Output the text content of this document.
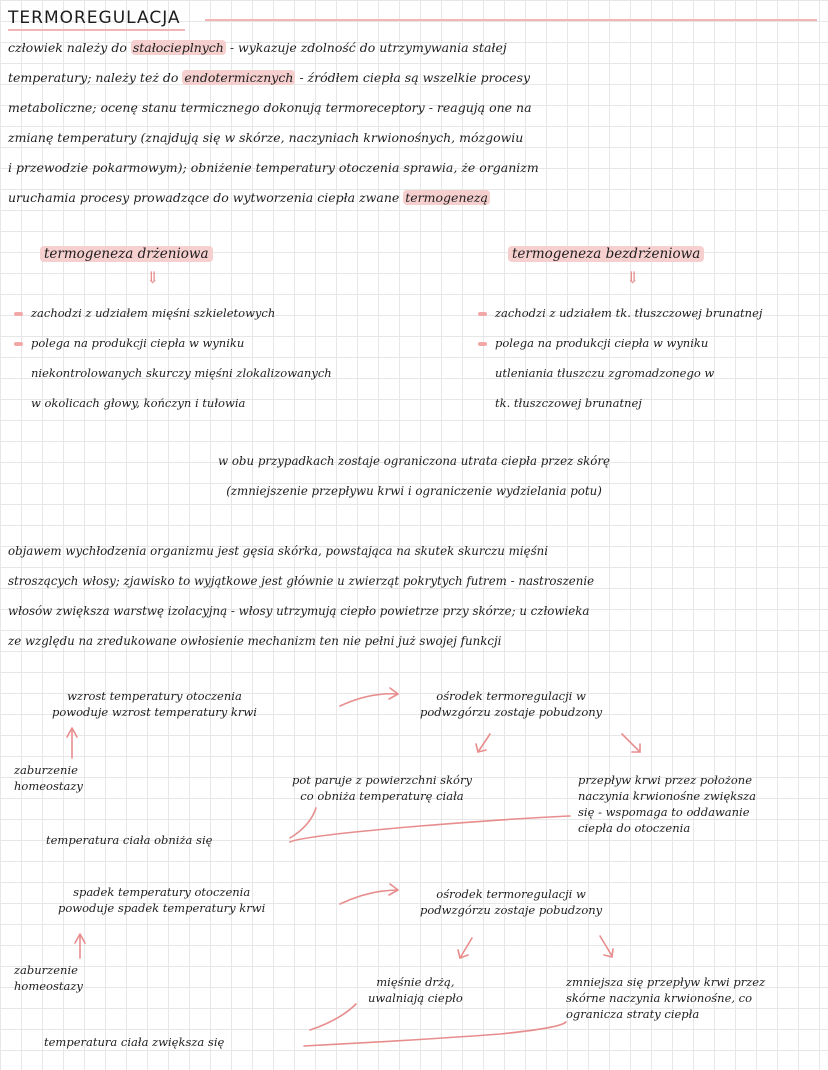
TERMOREGULACJA
człowiek należy do stałocieplnych - wykazuje zdolność do utrzymywania stałej
temperatury; należy też do endotermicznych - źródłem ciepła są wszelkie procesy
metaboliczne; ocenę stanu termicznego dokonują termoreceptory - reagują one na
zmianę temperatury (znajdują się w skórze, naczyniach krwionośnych, mózgowiu
i przewodzie pokarmowym); obniżenie temperatury otoczenia sprawia, że organizm
uruchamia procesy prowadzące do wytworzenia ciepła zwane termogenezą
termogeneza drżeniowa
⇓
termogeneza bezdrżeniowa
⇓
zachodzi z udziałem mięśni szkieletowych
polega na produkcji ciepła w wyniku
niekontrolowanych skurczy mięśni zlokalizowanych
w okolicach głowy, kończyn i tułowia
zachodzi z udziałem tk. tłuszczowej brunatnej
polega na produkcji ciepła w wyniku
utleniania tłuszczu zgromadzonego w
tk. tłuszczowej brunatnej
w obu przypadkach zostaje ograniczona utrata ciepła przez skórę
(zmniejszenie przepływu krwi i ograniczenie wydzielania potu)
objawem wychłodzenia organizmu jest gęsia skórka, powstająca na skutek skurczu mięśni
stroszących włosy; zjawisko to wyjątkowe jest głównie u zwierząt pokrytych futrem - nastroszenie
włosów zwiększa warstwę izolacyjną - włosy utrzymują ciepło powietrze przy skórze; u człowieka
ze względu na zredukowane owłosienie mechanizm ten nie pełni już swojej funkcji
wzrost temperatury otoczenia
powoduje wzrost temperatury krwi
ośrodek termoregulacji w
podwzgórzu zostaje pobudzony
zaburzenie
homeostazy	pot paruje z powierzchni skóry
co obniża temperaturę ciała
przepływ krwi przez położone
naczynia krwionośne zwiększa
się - wspomaga to oddawanie
ciepła do otoczenia
temperatura ciała obniża się
spadek temperatury otoczenia
powoduje spadek temperatury krwi
ośrodek termoregulacji w
podwzgórzu zostaje pobudzony
zaburzenie
homeostazy	mięśnie drżą,
uwalniają ciepło
zmniejsza się przepływ krwi przez
skórne naczynia krwionośne, co
ogranicza straty ciepła
temperatura ciała zwiększa się
